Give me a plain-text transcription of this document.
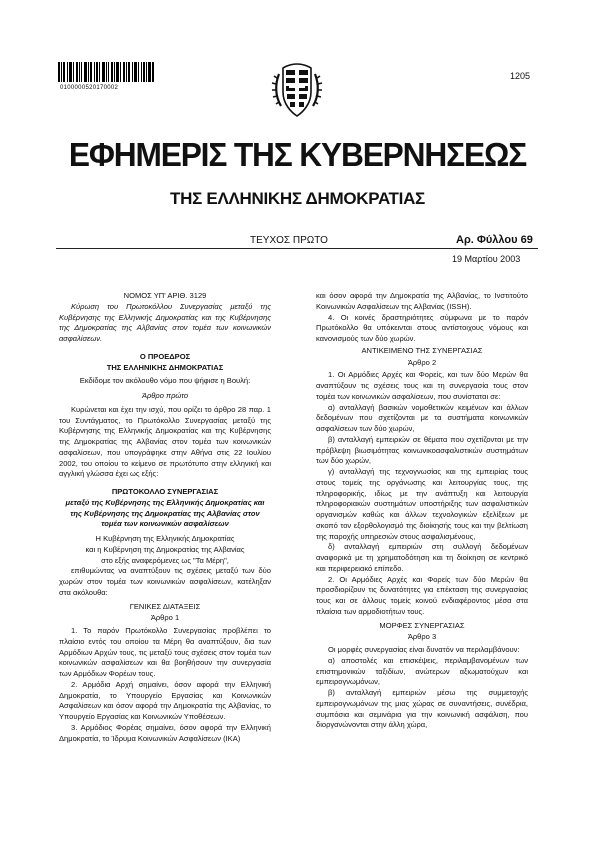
0100000520170002
1205
ΕΦΗΜΕΡΙΣ ΤΗΣ ΚΥΒΕΡΝΗΣΕΩΣ
ΤΗΣ ΕΛΛΗΝΙΚΗΣ ΔΗΜΟΚΡΑΤΙΑΣ
ΤΕΥΧΟΣ ΠΡΩΤΟ	Αρ. Φύλλου 69
19 Μαρτίου 2003

ΝΟΜΟΣ ΥΠ' ΑΡΙΘ. 3129

Κύρωση του Πρωτοκόλλου Συνεργασίας μεταξύ της Κυβέρνησης της Ελληνικής Δημοκρατίας και της Κυβέρνησης της Δημοκρατίας της Αλβανίας στον τομέα των κοινωνικών ασφαλίσεων.

Ο ΠΡΟΕΔΡΟΣ

ΤΗΣ ΕΛΛΗΝΙΚΗΣ ΔΗΜΟΚΡΑΤΙΑΣ

Εκδίδομε τον ακόλουθο νόμο που ψήφισε η Βουλή:

Άρθρο πρώτο

Κυρώνεται και έχει την ισχύ, που ορίζει το άρθρο 28 παρ. 1 του Συντάγματος, το Πρωτόκολλο Συνεργασίας μεταξύ της Κυβέρνησης της Ελληνικής Δημοκρατίας και της Κυβέρνησης της Δημοκρατίας της Αλβανίας στον τομέα των κοινωνικών ασφαλίσεων, που υπογράφηκε στην Αθήνα στις 22 Ιουλίου 2002, του οποίου το κείμενο σε πρωτότυπο στην ελληνική και αγγλική γλώσσα έχει ως εξής:

ΠΡΩΤΟΚΟΛΛΟ ΣΥΝΕΡΓΑΣΙΑΣ

μεταξύ της Κυβέρνησης της Ελληνικής Δημοκρατίας και της Κυβέρνησης της Δημοκρατίας της Αλβανίας στον τομέα των κοινωνικών ασφαλίσεων

Η Κυβέρνηση της Ελληνικής Δημοκρατίας

και η Κυβέρνηση της Δημοκρατίας της Αλβανίας

στο εξής αναφερόμενες ως "Τα Μέρη",

επιθυμώντας να αναπτύξουν τις σχέσεις μεταξύ των δύο χωρών στον τομέα των κοινωνικών ασφαλίσεων, κατέληξαν στα ακόλουθα:

ΓΕΝΙΚΕΣ ΔΙΑΤΑΞΕΙΣ

Άρθρο 1

1. Το παρόν Πρωτόκολλο Συνεργασίας προβλέπει το πλαίσιο εντός του οποίου τα Μέρη θα αναπτύξουν, δια των Αρμόδιων Αρχών τους, τις μεταξύ τους σχέσεις στον τομέα των κοινωνικών ασφαλίσεων και θα βοηθήσουν την συνεργασία των Αρμόδιων Φορέων τους.

2. Αρμόδια Αρχή σημαίνει, όσον αφορά την Ελληνική Δημοκρατία, το Υπουργείο Εργασίας και Κοινωνικών Ασφαλίσεων και όσον αφορά την Δημοκρατία της Αλβανίας, το Υπουργείο Εργασίας και Κοινωνικών Υποθέσεων.

3. Αρμόδιος Φορέας σημαίνει, όσον αφορά την Ελληνική Δημοκρατία, το Ίδρυμα Κοινωνικών Ασφαλίσεων (ΙΚΑ)

και όσον αφορά την Δημοκρατία της Αλβανίας, το Ινστιτούτο Κοινωνικών Ασφαλίσεων της Αλβανίας (ISSH).

4. Οι κοινές δραστηριότητες σύμφωνα με το παρόν Πρωτόκολλο θα υπόκεινται στους αντίστοιχους νόμους και κανονισμούς των δύο χωρών.

ΑΝΤΙΚΕΙΜΕΝΟ ΤΗΣ ΣΥΝΕΡΓΑΣΙΑΣ

Άρθρο 2

1. Οι Αρμόδιες Αρχές και Φορείς, και των δύο Μερών θα αναπτύξουν τις σχέσεις τους και τη συνεργασία τους στον τομέα των κοινωνικών ασφαλίσεων, που συνίσταται σε:

α) ανταλλαγή βασικών νομοθετικών κειμένων και άλλων δεδομένων που σχετίζονται με τα συστήματα κοινωνικών ασφαλίσεων των δύο χωρών,

β) ανταλλαγή εμπειριών σε θέματα που σχετίζονται με την πρόβλεψη βιωσιμότητας κοινωνικοασφαλιστικών συστημάτων των δύο χωρών,

γ) ανταλλαγή της τεχνογνωσίας και της εμπειρίας τους στους τομείς της οργάνωσης και λειτουργίας τους, της πληροφορικής, ιδίως με την ανάπτυξη και λειτουργία πληροφοριακών συστημάτων υποστήριξης των ασφαλιστικών οργανισμών καθώς και άλλων τεχνολογικών εξελίξεων με σκοπό τον εξορθολογισμό της διοίκησής τους και την βελτίωση της παροχής υπηρεσιών στους ασφαλισμένους,

δ) ανταλλαγή εμπειριών στη συλλογή δεδομένων αναφορικά με τη χρηματοδότηση και τη διοίκηση σε κεντρικό και περιφερειακό επίπεδο.

2. Οι Αρμόδιες Αρχές και Φορείς των δύο Μερών θα προσδιορίζουν τις δυνατότητες για επέκταση της συνεργασίας τους και σε άλλους τομείς κοινού ενδιαφέροντος μέσα στα πλαίσια των αρμοδιοτήτων τους.

ΜΟΡΦΕΣ ΣΥΝΕΡΓΑΣΙΑΣ

Άρθρο 3

Οι μορφές συνεργασίας είναι δυνατόν να περιλαμβάνουν:

α) αποστολές και επισκέψεις, περιλαμβανομένων των επιστημονικών ταξιδίων, ανώτερων αξιωματούχων και εμπειρογνωμόνων,

β) ανταλλαγή εμπειριών μέσω της συμμετοχής εμπειρογνωμόνων της μιας χώρας σε συναντήσεις, συνέδρια, συμπόσια και σεμινάρια για την κοινωνική ασφάλιση, που διοργανώνονται στην άλλη χώρα,
